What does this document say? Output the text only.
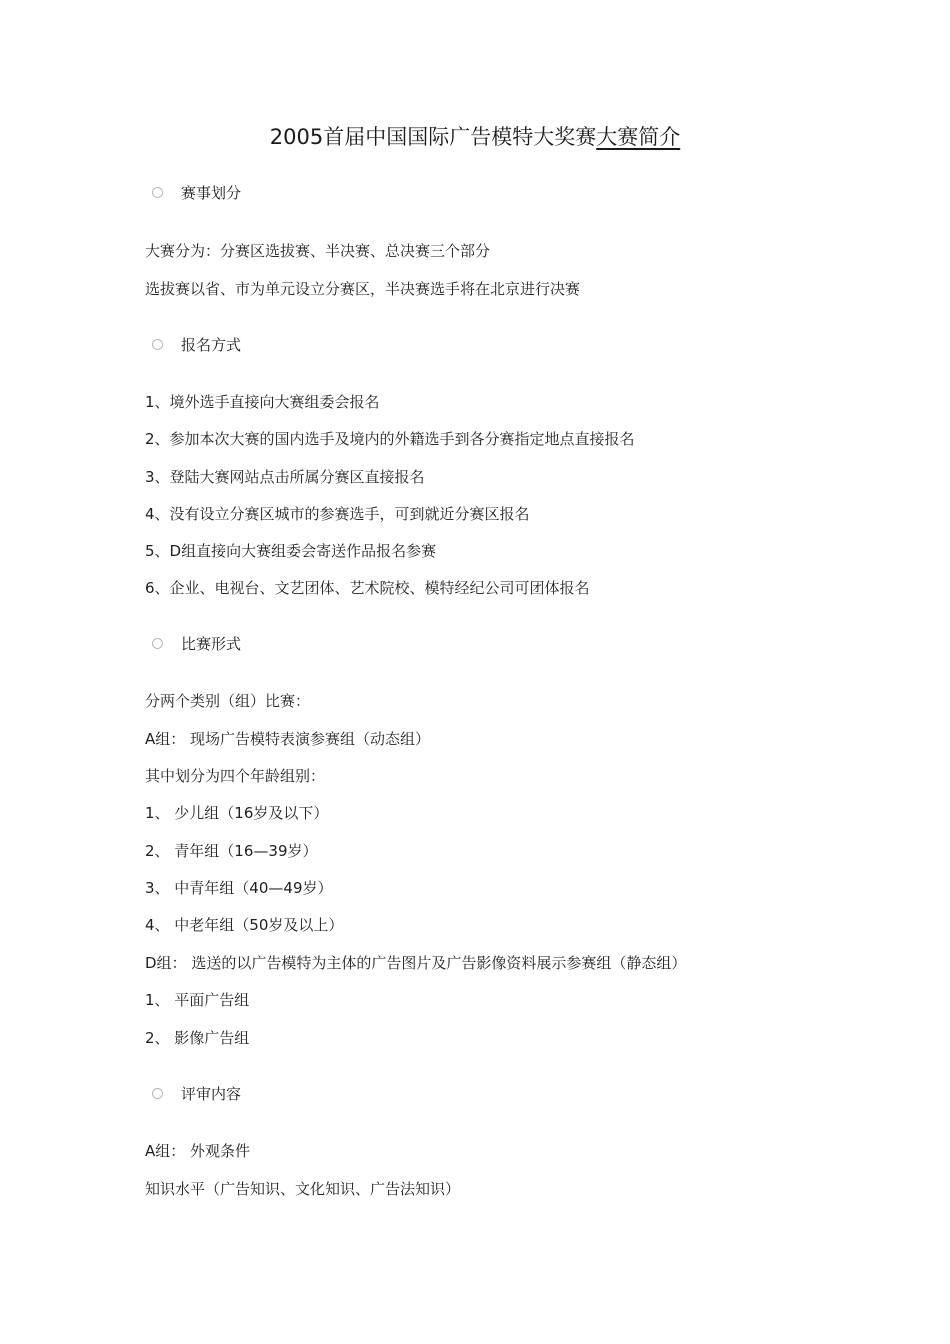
2005首届中国国际广告模特大奖赛大赛简介
赛事划分
大赛分为：分赛区选拔赛、半决赛、总决赛三个部分
选拔赛以省、市为单元设立分赛区，半决赛选手将在北京进行决赛
报名方式
1、境外选手直接向大赛组委会报名
2、参加本次大赛的国内选手及境内的外籍选手到各分赛指定地点直接报名
3、登陆大赛网站点击所属分赛区直接报名
4、没有设立分赛区城市的参赛选手，可到就近分赛区报名
5、D组直接向大赛组委会寄送作品报名参赛
6、企业、电视台、文艺团体、艺术院校、模特经纪公司可团体报名
比赛形式
分两个类别（组）比赛：
A组： 现场广告模特表演参赛组（动态组）
其中划分为四个年龄组别：
1、 少儿组（16岁及以下）
2、 青年组（16—39岁）
3、 中青年组（40—49岁）
4、 中老年组（50岁及以上）
D组： 选送的以广告模特为主体的广告图片及广告影像资料展示参赛组（静态组）
1、 平面广告组
2、 影像广告组
评审内容
A组： 外观条件
知识水平（广告知识、文化知识、广告法知识）
